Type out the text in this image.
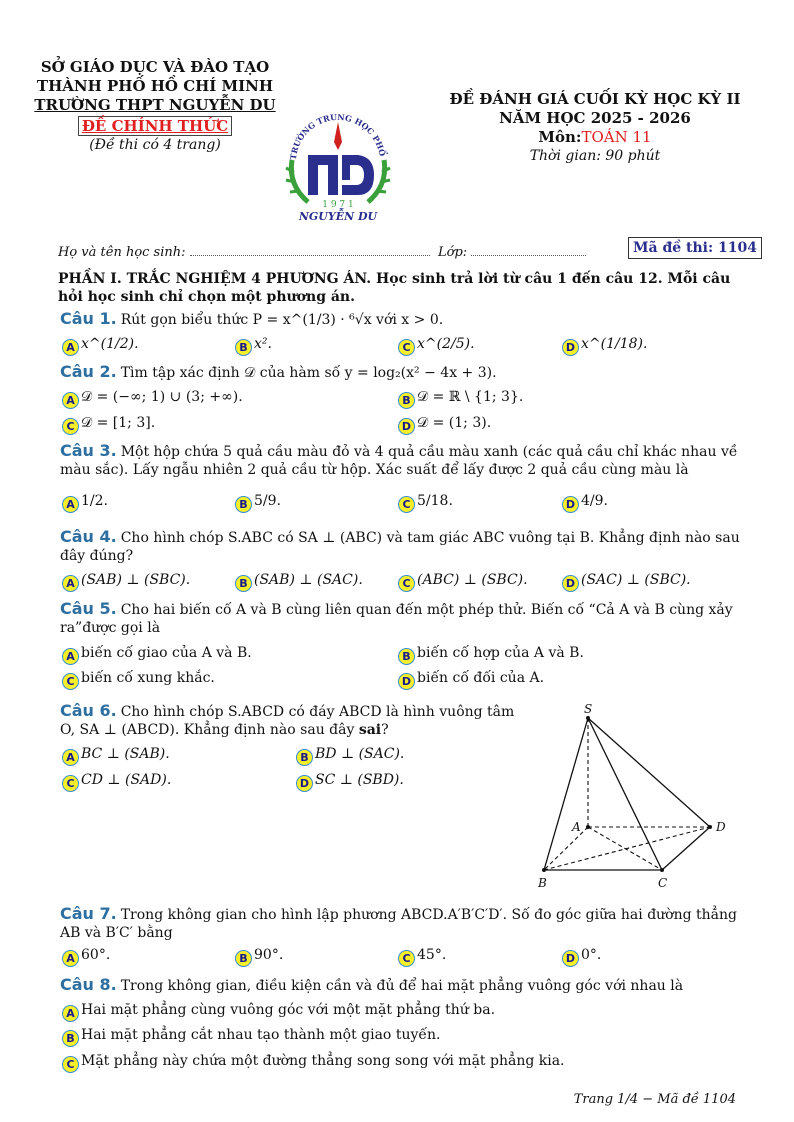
SỞ GIÁO DỤC VÀ ĐÀO TẠO
THÀNH PHỐ HỒ CHÍ MINH
TRƯỜNG THPT NGUYỄN DU
ĐỀ CHÍNH THỨC
(Đề thi có 4 trang)
TRƯỜNG TRUNG HỌC PHỔ
1 9 7 1
NGUYỄN DU
ĐỀ ĐÁNH GIÁ CUỐI KỲ HỌC KỲ II
NĂM HỌC 2025 - 2026
Môn:TOÁN 11
Thời gian: 90 phút
Họ và tên học sinh:	Lớp:	Mã đề thi: 1104
PHẦN I. TRẮC NGHIỆM 4 PHƯƠNG ÁN. Học sinh trả lời từ câu 1 đến câu 12. Mỗi câu hỏi học sinh chỉ chọn một phương án.
Câu 1. Rút gọn biểu thức P = x^(1/3) · ⁶√x với x > 0.
A x^(1/2).	B x².	C x^(2/5).	D x^(1/18).
Câu 2. Tìm tập xác định 𝒟 của hàm số y = log₂(x² − 4x + 3).
A 𝒟 = (−∞; 1) ∪ (3; +∞).	B 𝒟 = ℝ \ {1; 3}.
C 𝒟 = [1; 3].	D 𝒟 = (1; 3).
Câu 3. Một hộp chứa 5 quả cầu màu đỏ và 4 quả cầu màu xanh (các quả cầu chỉ khác nhau về màu sắc). Lấy ngẫu nhiên 2 quả cầu từ hộp. Xác suất để lấy được 2 quả cầu cùng màu là
A 1/2.	B 5/9.	C 5/18.	D 4/9.
Câu 4. Cho hình chóp S.ABC có SA ⊥ (ABC) và tam giác ABC vuông tại B. Khẳng định nào sau đây đúng?
A (SAB) ⊥ (SBC).	B (SAB) ⊥ (SAC).	C (ABC) ⊥ (SBC).	D (SAC) ⊥ (SBC).
Câu 5. Cho hai biến cố A và B cùng liên quan đến một phép thử. Biến cố “Cả A và B cùng xảy ra”được gọi là
A biến cố giao của A và B.	B biến cố hợp của A và B.
C biến cố xung khắc.	D biến cố đối của A.
Câu 6. Cho hình chóp S.ABCD có đáy ABCD là hình vuông tâm O, SA ⊥ (ABCD). Khẳng định nào sau đây sai?
A BC ⊥ (SAB).	B BD ⊥ (SAC).
C CD ⊥ (SAD).	D SC ⊥ (SBD).
S
A
B	C
D
Câu 7. Trong không gian cho hình lập phương ABCD.A′B′C′D′. Số đo góc giữa hai đường thẳng AB và B′C′ bằng
A 60°.	B 90°.	C 45°.	D 0°.
Câu 8. Trong không gian, điều kiện cần và đủ để hai mặt phẳng vuông góc với nhau là
A Hai mặt phẳng cùng vuông góc với một mặt phẳng thứ ba.
B Hai mặt phẳng cắt nhau tạo thành một giao tuyến.
C Mặt phẳng này chứa một đường thẳng song song với mặt phẳng kia.
Trang 1/4 − Mã đề 1104
